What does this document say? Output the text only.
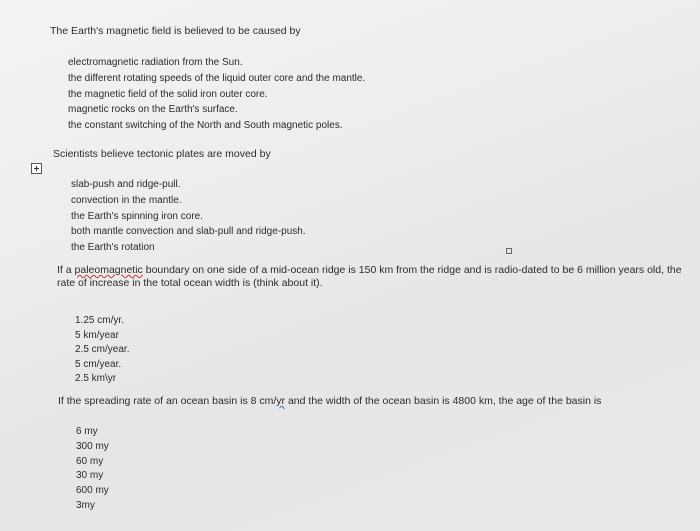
The Earth's magnetic field is believed to be caused by
electromagnetic radiation from the Sun.
the different rotating speeds of the liquid outer core and the mantle.
the magnetic field of the solid iron outer core.
magnetic rocks on the Earth's surface.
the constant switching of the North and South magnetic poles.
Scientists believe tectonic plates are moved by
slab-push and ridge-pull.
convection in the mantle.
the Earth's spinning iron core.
both mantle convection and slab-pull and ridge-push.
the Earth's rotation
If a paleomagnetic boundary on one side of a mid-ocean ridge is 150 km from the ridge and is radio-dated to be 6 million years old, the rate of increase in the total ocean width is (think about it).
1.25 cm/yr.
5 km/year
2.5 cm/year.
5 cm/year.
2.5 km\yr
If the spreading rate of an ocean basin is 8 cm/yr and the width of the ocean basin is 4800 km, the age of the basin is
6 my
300 my
60 my
30 my
600 my
3my
